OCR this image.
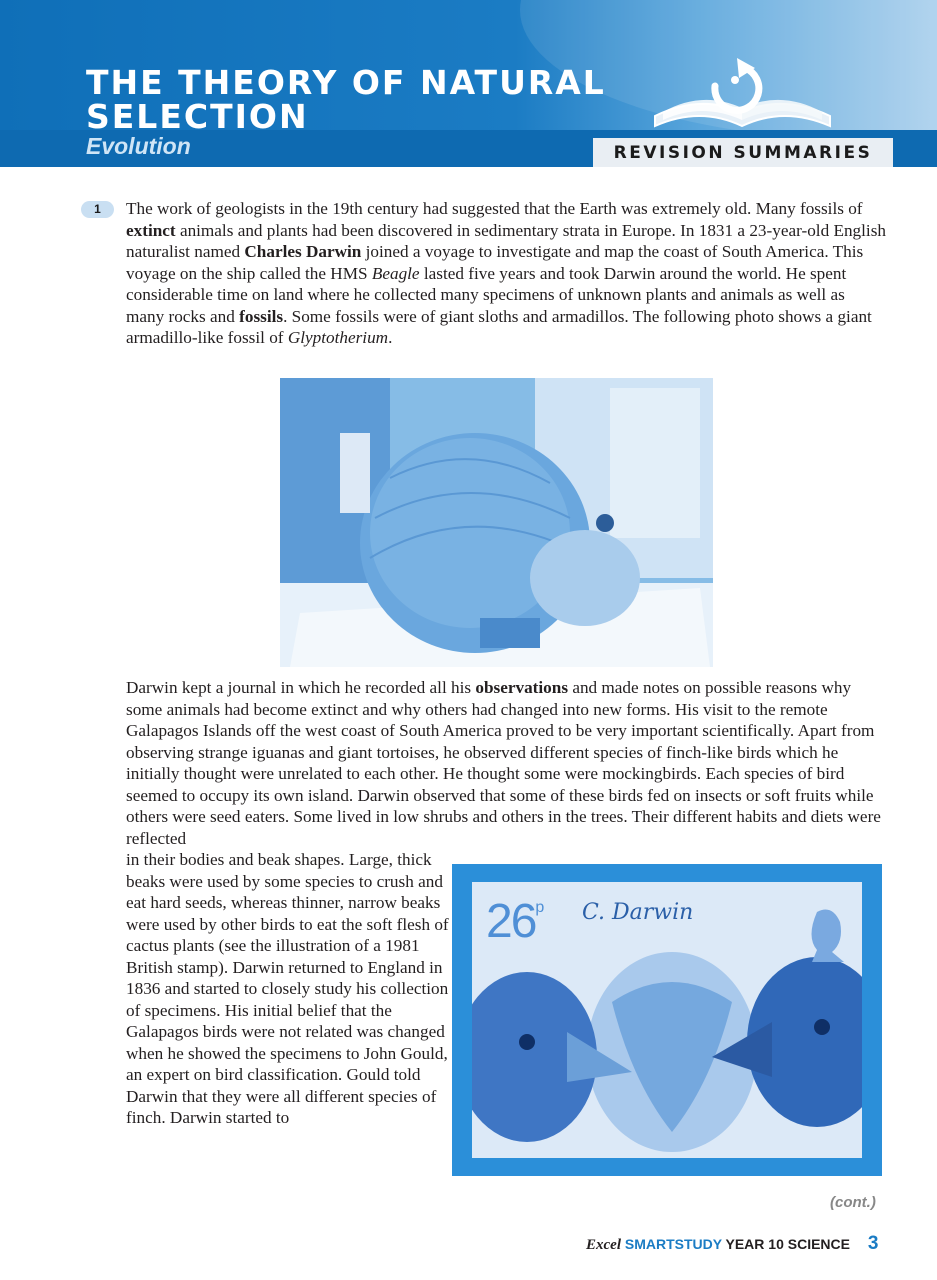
THE THEORY OF NATURAL SELECTION
Evolution	REVISION SUMMARIES
1	The work of geologists in the 19th century had suggested that the Earth was extremely old. Many fossils of extinct animals and plants had been discovered in sedimentary strata in Europe. In 1831 a 23-year-old English naturalist named Charles Darwin joined a voyage to investigate and map the coast of South America. This voyage on the ship called the HMS Beagle lasted five years and took Darwin around the world. He spent considerable time on land where he collected many specimens of unknown plants and animals as well as many rocks and fossils. Some fossils were of giant sloths and armadillos. The following photo shows a giant armadillo-like fossil of Glyptotherium.

Darwin kept a journal in which he recorded all his observations and made notes on possible reasons why some animals had become extinct and why others had changed into new forms. His visit to the remote Galapagos Islands off the west coast of South America proved to be very important scientifically. Apart from observing strange iguanas and giant tortoises, he observed different species of finch-like birds which he initially thought were unrelated to each other. He thought some were mockingbirds. Each species of bird seemed to occupy its own island. Darwin observed that some of these birds fed on insects or soft fruits while others were seed eaters. Some lived in low shrubs and others in the trees. Their different habits and diets were reflected

in their bodies and beak shapes. Large, thick beaks were used by some species to crush and eat hard seeds, whereas thinner, narrow beaks were used by other birds to eat the soft flesh of cactus plants (see the illustration of a 1981 British stamp). Darwin returned to England in 1836 and started to closely study his collection of specimens. His initial belief that the Galapagos birds were not related was changed when he showed the specimens to John Gould, an expert on bird classification. Gould told Darwin that they were all different species of finch. Darwin started to

26$^p$ C. Darwin
(cont.)
Excel SMARTSTUDY YEAR 10 SCIENCE 3
